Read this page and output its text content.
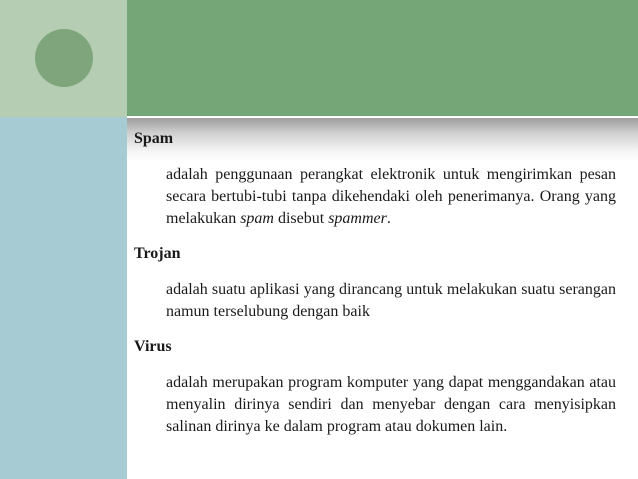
Spam

adalah penggunaan perangkat elektronik untuk mengirimkan pesan secara bertubi-tubi tanpa dikehendaki oleh penerimanya. Orang yang melakukan spam disebut spammer.

Trojan

adalah suatu aplikasi yang dirancang untuk melakukan suatu serangan namun terselubung dengan baik

Virus

adalah merupakan program komputer yang dapat menggandakan atau menyalin dirinya sendiri dan menyebar dengan cara menyisipkan salinan dirinya ke dalam program atau dokumen lain.
